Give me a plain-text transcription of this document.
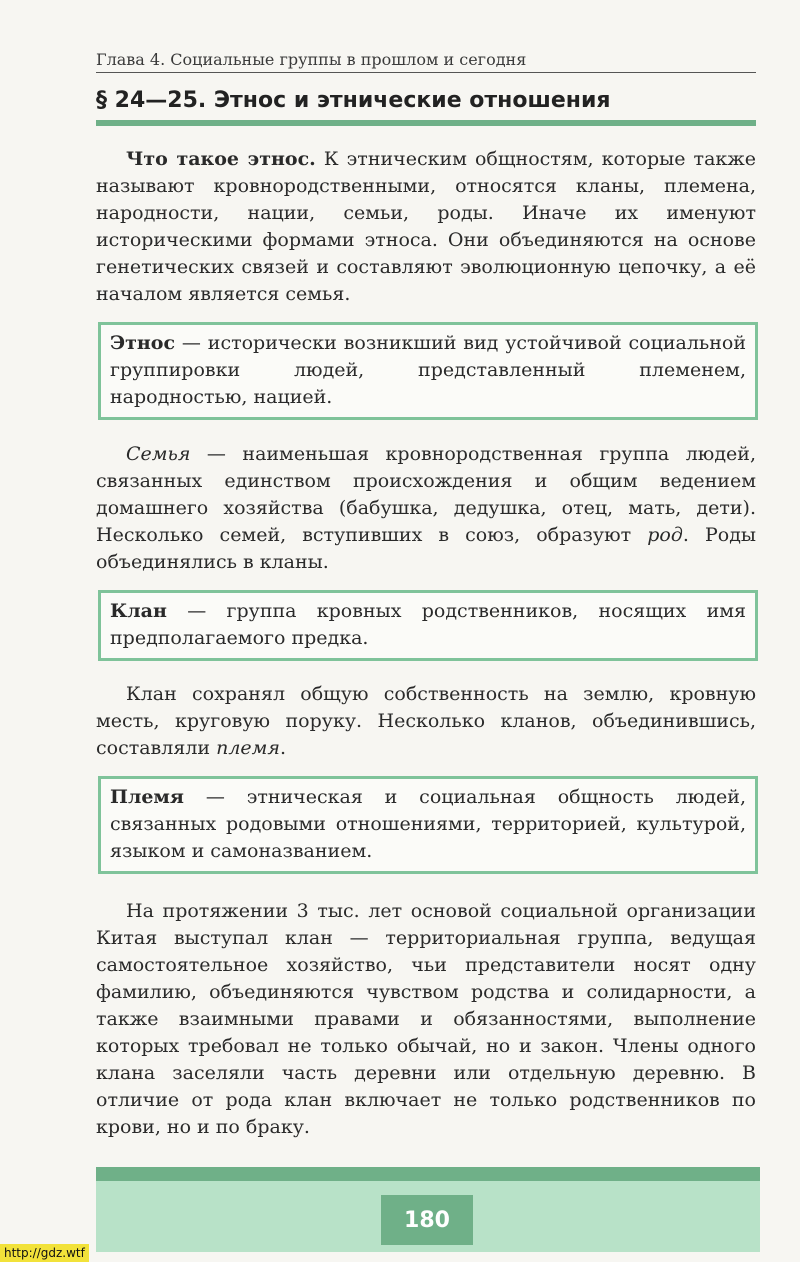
Глава 4. Социальные группы в прошлом и сегодня
§ 24—25. Этнос и этнические отношения

Что такое этнос. К этническим общностям, которые также называют кровнородственными, относятся кланы, племена, народности, нации, семьи, роды. Иначе их именуют историческими формами этноса. Они объединяются на основе генетических связей и составляют эволюционную цепочку, а её началом является семья.

Этнос — исторически возникший вид устойчивой социальной группировки людей, представленный племенем, народностью, нацией.

Семья — наименьшая кровнородственная группа людей, связанных единством происхождения и общим ведением домашнего хозяйства (бабушка, дедушка, отец, мать, дети). Несколько семей, вступивших в союз, образуют род. Роды объединялись в кланы.

Клан — группа кровных родственников, носящих имя предполагаемого предка.

Клан сохранял общую собственность на землю, кровную месть, круговую поруку. Несколько кланов, объединившись, составляли племя.

Племя — этническая и социальная общность людей, связанных родовыми отношениями, территорией, культурой, языком и самоназванием.

На протяжении 3 тыс. лет основой социальной организации Китая выступал клан — территориальная группа, ведущая самостоятельное хозяйство, чьи представители носят одну фамилию, объединяются чувством родства и солидарности, а также взаимными правами и обязанностями, выполнение которых требовал не только обычай, но и закон. Члены одного клана заселяли часть деревни или отдельную деревню. В отличие от рода клан включает не только родственников по крови, но и по браку.

180
http://gdz.wtf
